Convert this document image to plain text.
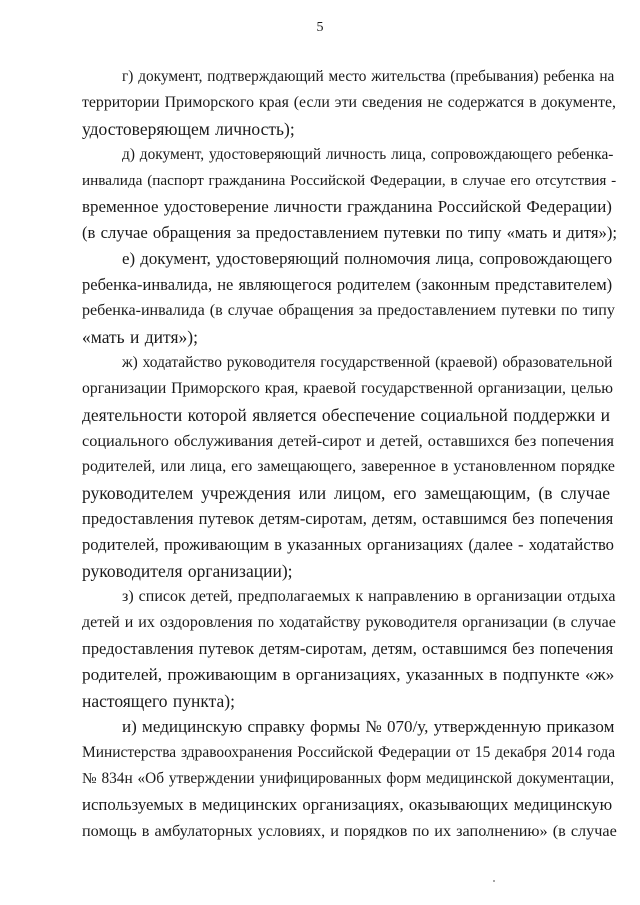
5
г) документ, подтверждающий место жительства (пребывания) ребенка на
территории Приморского края (если эти сведения не содержатся в документе,
удостоверяющем личность);
д) документ, удостоверяющий личность лица, сопровождающего ребенка-
инвалида (паспорт гражданина Российской Федерации, в случае его отсутствия -
временное удостоверение личности гражданина Российской Федерации)
(в случае обращения за предоставлением путевки по типу «мать и дитя»);
е) документ, удостоверяющий полномочия лица, сопровождающего
ребенка-инвалида, не являющегося родителем (законным представителем)
ребенка-инвалида (в случае обращения за предоставлением путевки по типу
«мать и дитя»);
ж) ходатайство руководителя государственной (краевой) образовательной
организации Приморского края, краевой государственной организации, целью
деятельности которой является обеспечение социальной поддержки и
социального обслуживания детей-сирот и детей, оставшихся без попечения
родителей, или лица, его замещающего, заверенное в установленном порядке
руководителем учреждения или лицом, его замещающим, (в случае
предоставления путевок детям-сиротам, детям, оставшимся без попечения
родителей, проживающим в указанных организациях (далее - ходатайство
руководителя организации);
з) список детей, предполагаемых к направлению в организации отдыха
детей и их оздоровления по ходатайству руководителя организации (в случае
предоставления путевок детям-сиротам, детям, оставшимся без попечения
родителей, проживающим в организациях, указанных в подпункте «ж»
настоящего пункта);
и) медицинскую справку формы № 070/у, утвержденную приказом
Министерства здравоохранения Российской Федерации от 15 декабря 2014 года
№ 834н «Об утверждении унифицированных форм медицинской документации,
используемых в медицинских организациях, оказывающих медицинскую
помощь в амбулаторных условиях, и порядков по их заполнению» (в случае
